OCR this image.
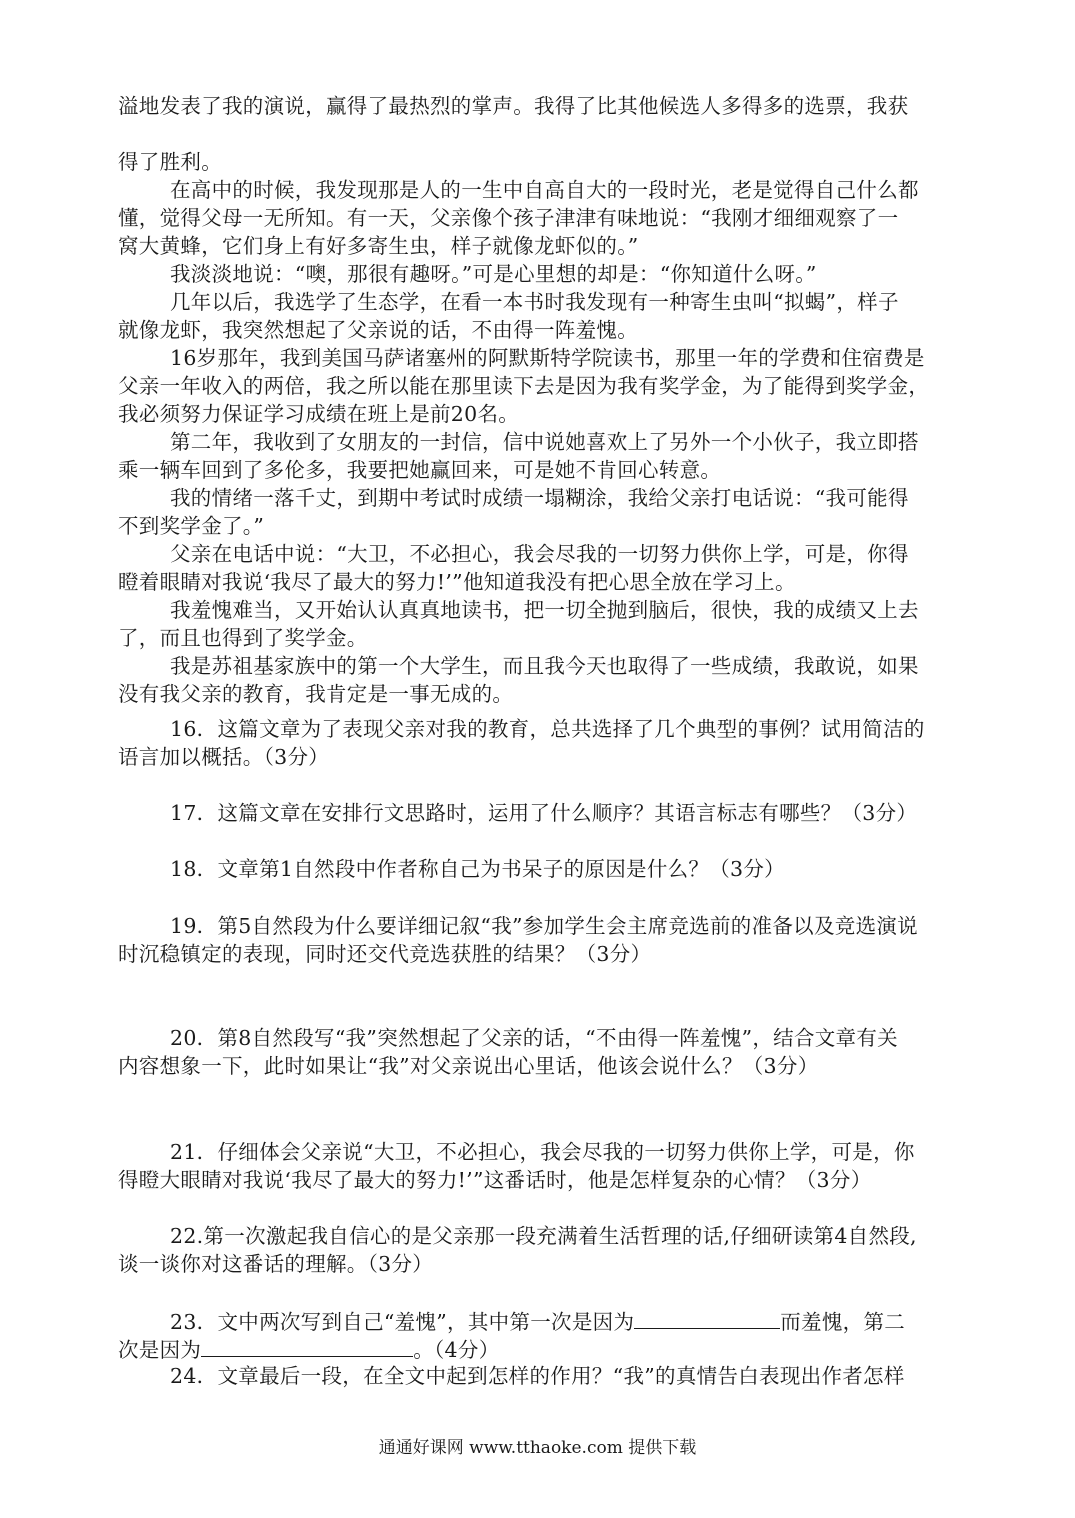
溢地发表了我的演说，赢得了最热烈的掌声。我得了比其他候选人多得多的选票，我获
得了胜利。
在高中的时候，我发现那是人的一生中自高自大的一段时光，老是觉得自己什么都
懂，觉得父母一无所知。有一天，父亲像个孩子津津有味地说：“我刚才细细观察了一
窝大黄蜂，它们身上有好多寄生虫，样子就像龙虾似的。”
我淡淡地说：“噢，那很有趣呀。”可是心里想的却是：“你知道什么呀。”
几年以后，我选学了生态学，在看一本书时我发现有一种寄生虫叫“拟蝎”，样子
就像龙虾，我突然想起了父亲说的话，不由得一阵羞愧。
16岁那年，我到美国马萨诸塞州的阿默斯特学院读书，那里一年的学费和住宿费是
父亲一年收入的两倍，我之所以能在那里读下去是因为我有奖学金，为了能得到奖学金，
我必须努力保证学习成绩在班上是前20名。
第二年，我收到了女朋友的一封信，信中说她喜欢上了另外一个小伙子，我立即搭
乘一辆车回到了多伦多，我要把她赢回来，可是她不肯回心转意。
我的情绪一落千丈，到期中考试时成绩一塌糊涂，我给父亲打电话说：“我可能得
不到奖学金了。”
父亲在电话中说：“大卫，不必担心，我会尽我的一切努力供你上学，可是，你得
瞪着眼睛对我说‘我尽了最大的努力!’”他知道我没有把心思全放在学习上。
我羞愧难当，又开始认认真真地读书，把一切全抛到脑后，很快，我的成绩又上去
了，而且也得到了奖学金。
我是苏祖基家族中的第一个大学生，而且我今天也取得了一些成绩，我敢说，如果
没有我父亲的教育，我肯定是一事无成的。
16．这篇文章为了表现父亲对我的教育，总共选择了几个典型的事例？试用简洁的
语言加以概括。（3分）
17．这篇文章在安排行文思路时，运用了什么顺序？其语言标志有哪些？（3分）
18．文章第1自然段中作者称自己为书呆子的原因是什么？（3分）
19．第5自然段为什么要详细记叙“我”参加学生会主席竞选前的准备以及竞选演说
时沉稳镇定的表现，同时还交代竞选获胜的结果？（3分）
20．第8自然段写“我”突然想起了父亲的话，“不由得一阵羞愧”，结合文章有关
内容想象一下，此时如果让“我”对父亲说出心里话，他该会说什么？（3分）
21．仔细体会父亲说“大卫，不必担心，我会尽我的一切努力供你上学，可是，你
得瞪大眼睛对我说‘我尽了最大的努力!’”这番话时，他是怎样复杂的心情？（3分）
22.第一次激起我自信心的是父亲那一段充满着生活哲理的话,仔细研读第4自然段,
谈一谈你对这番话的理解。（3分）
23．文中两次写到自己“羞愧”，其中第一次是因为	而羞愧，第二
次是因为	。（4分）
24．文章最后一段，在全文中起到怎样的作用？“我”的真情告白表现出作者怎样
通通好课网 www.tthaoke.com 提供下载
